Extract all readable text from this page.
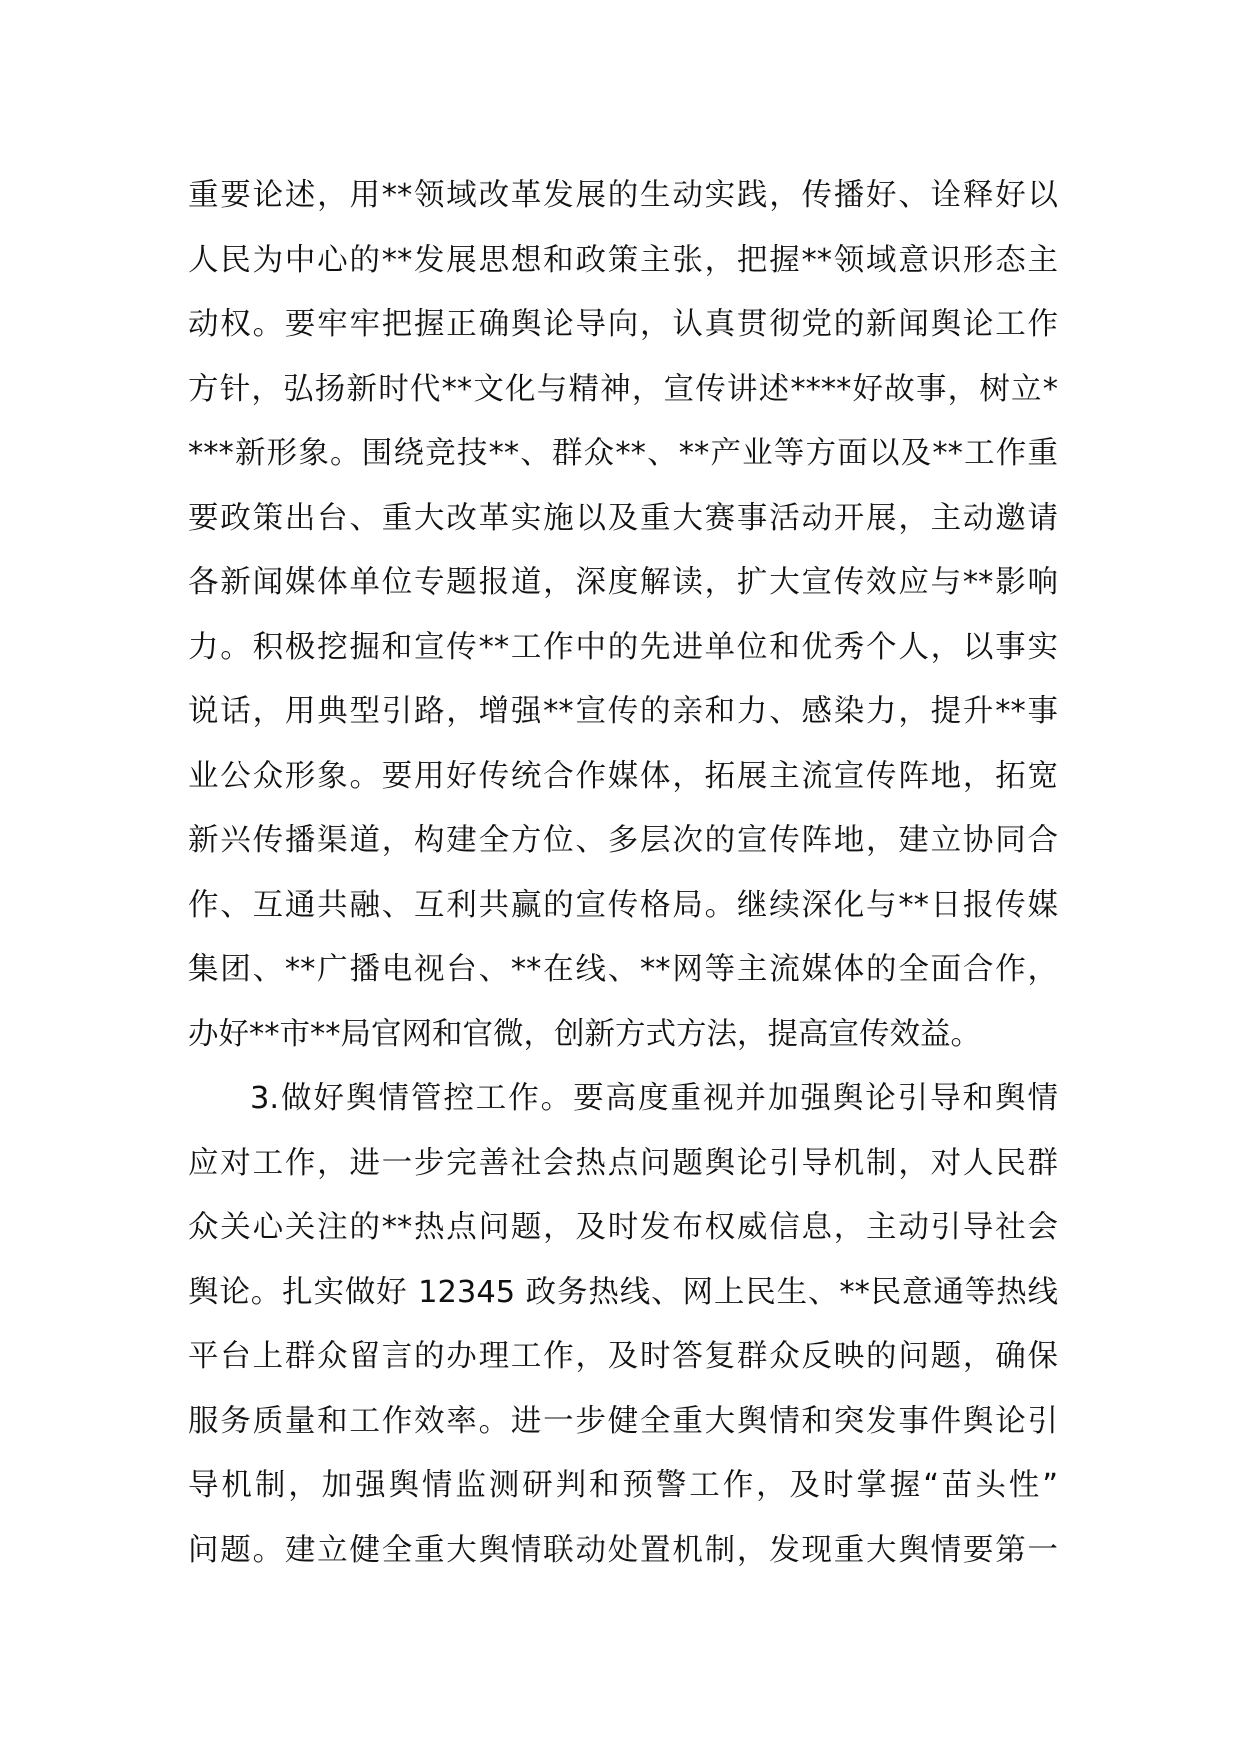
重要论述，用**领域改革发展的生动实践，传播好、诠释好以
人民为中心的**发展思想和政策主张，把握**领域意识形态主
动权。要牢牢把握正确舆论导向，认真贯彻党的新闻舆论工作
方针，弘扬新时代**文化与精神，宣传讲述****好故事，树立*
***新形象。围绕竞技**、群众**、**产业等方面以及**工作重
要政策出台、重大改革实施以及重大赛事活动开展，主动邀请
各新闻媒体单位专题报道，深度解读，扩大宣传效应与**影响
力。积极挖掘和宣传**工作中的先进单位和优秀个人，以事实
说话，用典型引路，增强**宣传的亲和力、感染力，提升**事
业公众形象。要用好传统合作媒体，拓展主流宣传阵地，拓宽
新兴传播渠道，构建全方位、多层次的宣传阵地，建立协同合
作、互通共融、互利共赢的宣传格局。继续深化与**日报传媒
集团、**广播电视台、**在线、**网等主流媒体的全面合作，
办好**市**局官网和官微，创新方式方法，提高宣传效益。
3.做好舆情管控工作。要高度重视并加强舆论引导和舆情
应对工作，进一步完善社会热点问题舆论引导机制，对人民群
众关心关注的**热点问题，及时发布权威信息，主动引导社会
舆论。扎实做好 12345 政务热线、网上民生、**民意通等热线
平台上群众留言的办理工作，及时答复群众反映的问题，确保
服务质量和工作效率。进一步健全重大舆情和突发事件舆论引
导机制，加强舆情监测研判和预警工作，及时掌握“苗头性”
问题。建立健全重大舆情联动处置机制，发现重大舆情要第一
